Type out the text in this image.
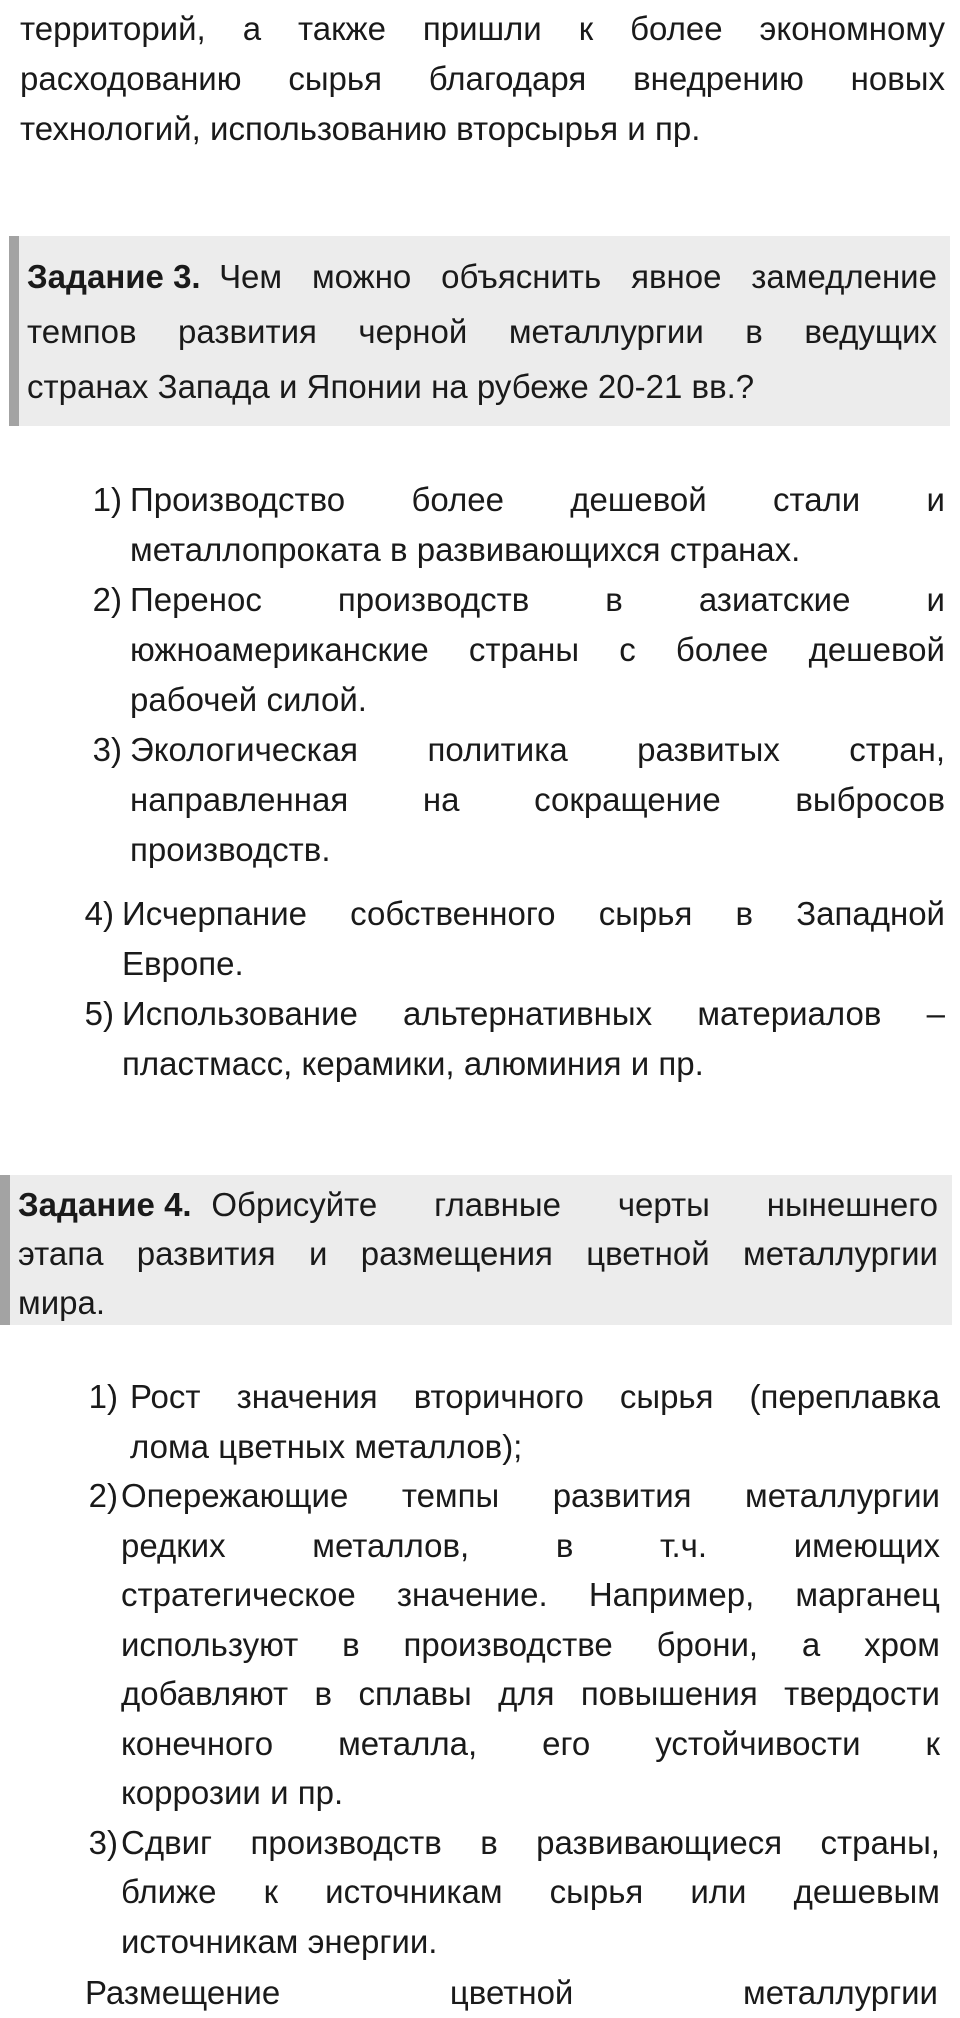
территорий, а также пришли к более экономному
расходованию сырья благодаря внедрению новых
технологий, использованию вторсырья и пр.
Задание 3. Чем можно объяснить явное замедление
темпов развития черной металлургии в ведущих
странах Запада и Японии на рубеже 20-21 вв.?
1) Производство более дешевой стали и
металлопроката в развивающихся странах.
2) Перенос производств в азиатские и
южноамериканские страны с более дешевой
рабочей силой.
3) Экологическая политика развитых стран,
направленная на сокращение выбросов
производств.
4) Исчерпание собственного сырья в Западной
Европе.
5) Использование альтернативных материалов –
пластмасс, керамики, алюминия и пр.
Задание 4. Обрисуйте главные черты нынешнего
этапа развития и размещения цветной металлургии
мира.
1) Рост значения вторичного сырья (переплавка
лома цветных металлов);
2) Опережающие темпы развития металлургии
редких	металлов,	в	т.ч.	имеющих
стратегическое значение. Например, марганец
используют в производстве брони, а хром
добавляют в сплавы для повышения твердости
конечного металла, его устойчивости к
коррозии и пр.
3) Сдвиг производств в развивающиеся страны,
ближе к источникам сырья или дешевым
источникам энергии.
Размещение	цветной	металлургии
